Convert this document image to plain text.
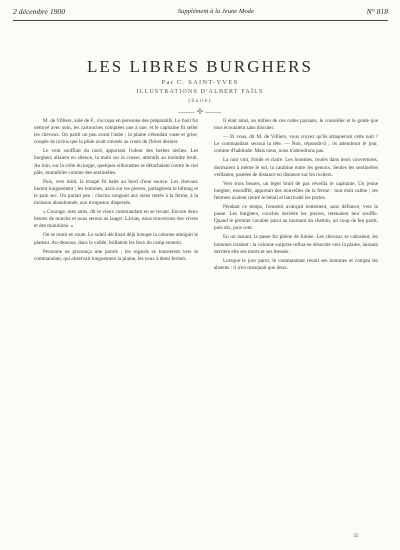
2 décembre 1900	Supplément à la Jeune Mode	N° 818
LES LIBRES BURGHERS
Par C. SAINT-YVES
ILLUSTRATIONS D'ALBERT FAÏLS
(Suite)
—— ✢ ——

M. de Villiers, aidé de F., s'occupa en personne des préparatifs. Le fusil fut nettoyé avec soin, les cartouches comptées une à une, et le capitaine fit seller les chevaux. On partit un peu avant l'aube ; la plaine s'étendait vaste et grise, coupée de ravins que la pluie avait creusés au cours de l'hiver dernier.

Le vent soufflait du nord, apportant l'odeur des herbes sèches. Les burghers allaient en silence, la main sur la crosse, attentifs au moindre bruit. Au loin, sur la crête du kopje, quelques silhouettes se détachaient contre le ciel pâle, immobiles comme des sentinelles.

Puis, vers midi, la troupe fit halte au bord d'une source. Les chevaux burent longuement ; les hommes, assis sur les pierres, partagèrent le biltong et le pain sec. On parlait peu : chacun songeait aux siens restés à la ferme, à la moisson abandonnée, aux troupeaux dispersés.

« Courage, mes amis, dit le vieux commandant en se levant. Encore deux heures de marche et nous serons au laager. Là-bas, nous trouverons des vivres et des munitions. »

On se remit en route. Le soleil déclinait déjà lorsque la colonne atteignit le plateau. Au-dessous, dans la vallée, brillaient les feux du camp ennemi.

Personne ne prononça une parole ; les regards se tournèrent vers le commandant, qui observait longuement la plaine, les yeux à demi fermés.

Il était ainsi, au milieu de ces rudes paysans, le conseiller et le guide que tous écoutaient sans discuter.

— Et vous, dit M. de Villiers, vous croyez qu'ils attaqueront cette nuit ? Le commandant secoua la tête. — Non, répondit-il ; ils attendront le jour, comme d'habitude. Mais nous, nous n'attendrons pas.

La nuit vint, froide et claire. Les hommes, roulés dans leurs couvertures, dormaient à même le sol, la carabine entre les genoux. Seules les sentinelles veillaient, postées de distance en distance sur les rochers.

Vers trois heures, un léger bruit de pas réveilla le capitaine. Un jeune burgher, essoufflé, apportait des nouvelles de la ferme : tout était calme ; les femmes avaient rentré le bétail et barricadé les portes.

Pendant ce temps, l'ennemi avançait lentement, sans défiance, vers la passe. Les burghers, couchés derrière les pierres, retenaient leur souffle. Quand le premier cavalier parut au tournant du chemin, un coup de feu partit, puis dix, puis cent.

En un instant, la passe fut pleine de fumée. Les chevaux se cabraient, les hommes criaient ; la colonne surprise reflua en désordre vers la plaine, laissant derrière elle ses morts et ses blessés.

Lorsque le jour parut, le commandant réunit ses hommes et compta les absents : il n'en manquait que deux.

35
